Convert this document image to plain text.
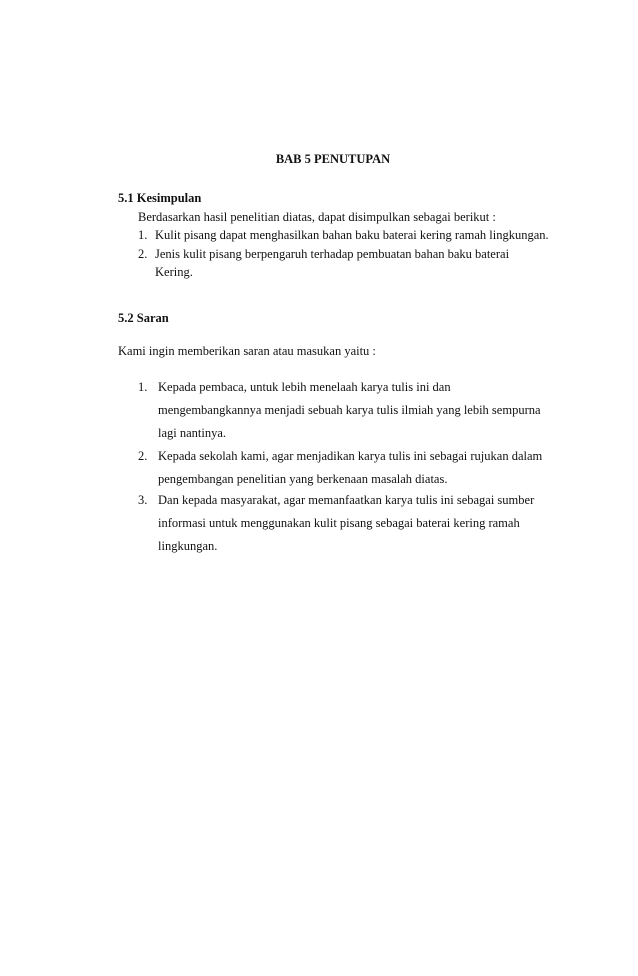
BAB 5 PENUTUPAN
5.1 Kesimpulan
Berdasarkan hasil penelitian diatas, dapat disimpulkan sebagai berikut :
1. Kulit pisang dapat menghasilkan bahan baku baterai kering ramah lingkungan.
2. Jenis kulit pisang berpengaruh terhadap pembuatan bahan baku baterai
Kering.
5.2 Saran
Kami ingin memberikan saran atau masukan yaitu :
1. Kepada pembaca, untuk lebih menelaah karya tulis ini dan
mengembangkannya menjadi sebuah karya tulis ilmiah yang lebih sempurna
lagi nantinya.
2. Kepada sekolah kami, agar menjadikan karya tulis ini sebagai rujukan dalam
pengembangan penelitian yang berkenaan masalah diatas.
3. Dan kepada masyarakat, agar memanfaatkan karya tulis ini sebagai sumber
informasi untuk menggunakan kulit pisang sebagai baterai kering ramah
lingkungan.
